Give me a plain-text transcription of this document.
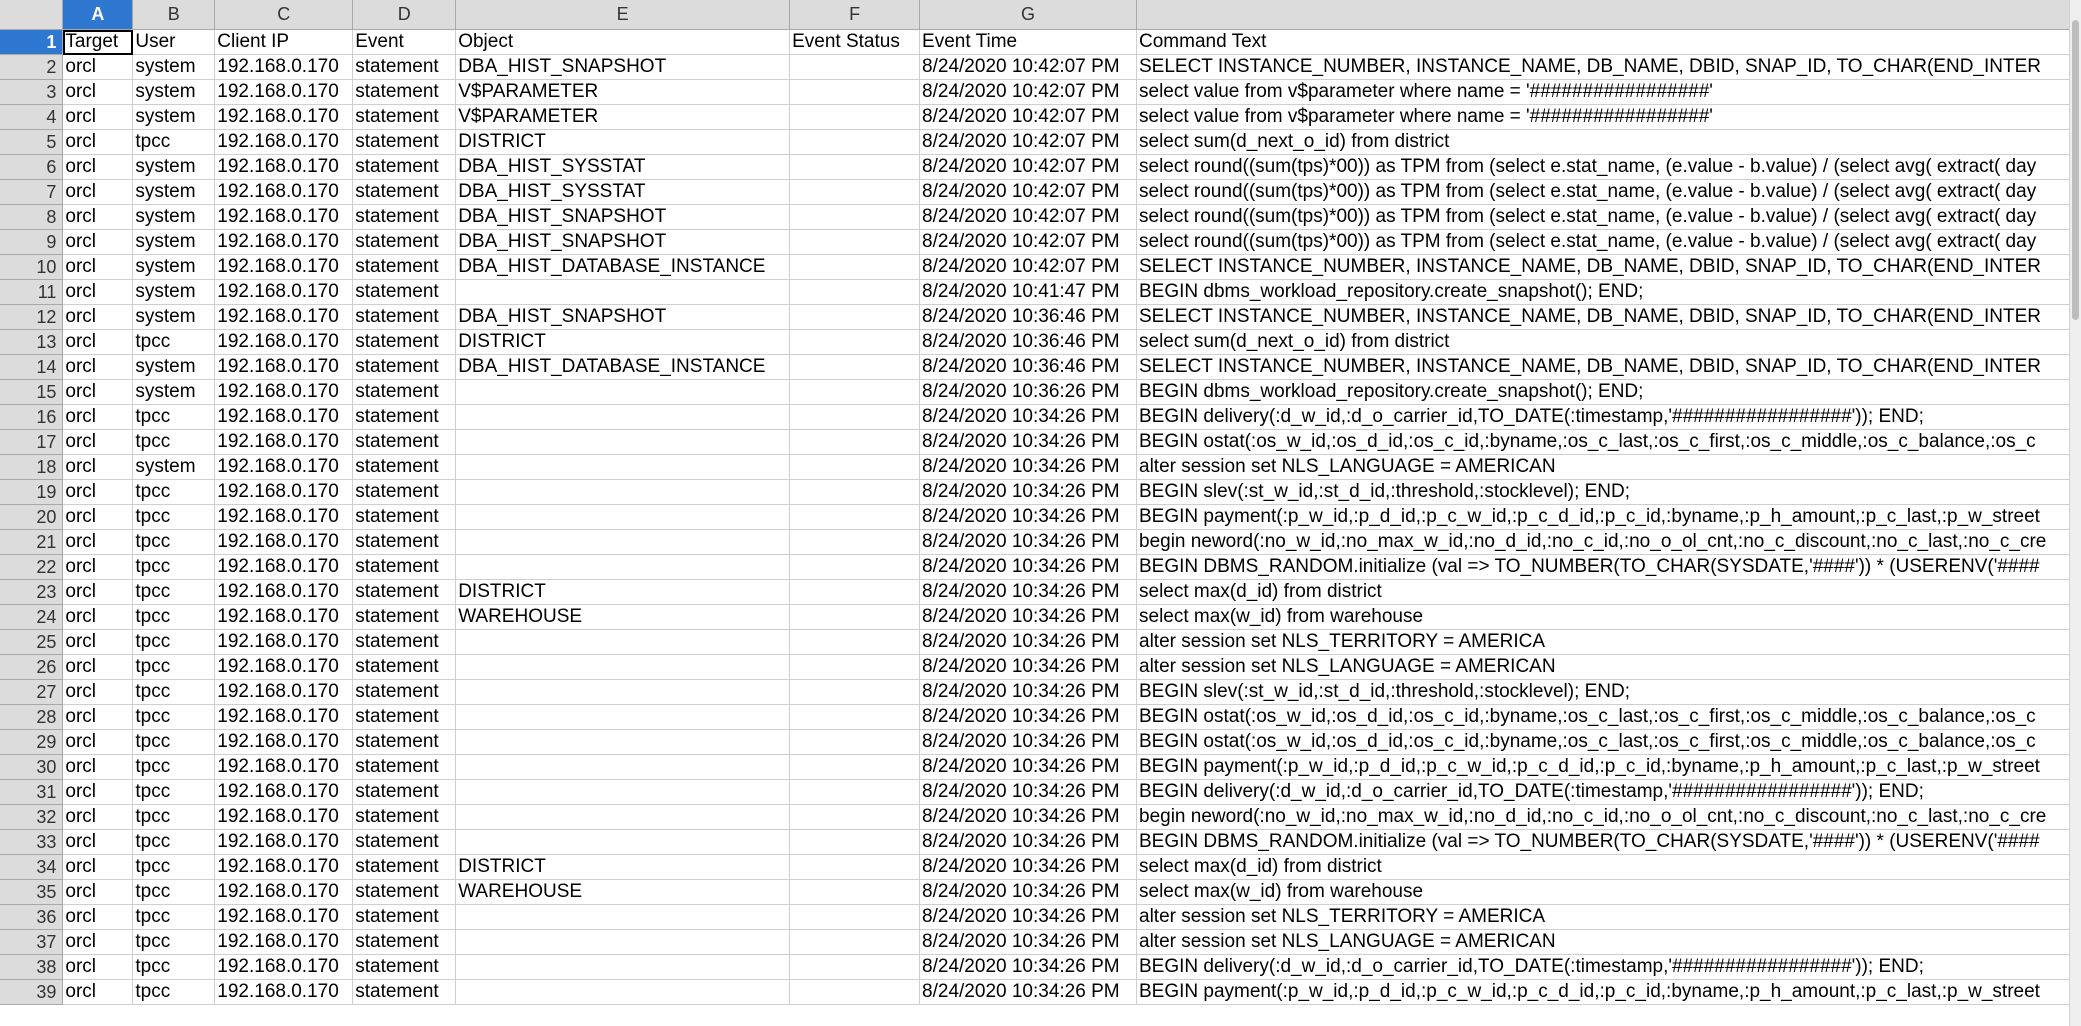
	A	B	C	D	E	F	G	
1	Target	User	Client IP	Event	Object	Event Status	Event Time	Command Text
2	orcl	system	192.168.0.170	statement	DBA_HIST_SNAPSHOT		8/24/2020 10:42:07 PM	SELECT INSTANCE_NUMBER, INSTANCE_NAME, DB_NAME, DBID, SNAP_ID, TO_CHAR(END_INTER
3	orcl	system	192.168.0.170	statement	V$PARAMETER		8/24/2020 10:42:07 PM	select value from v$parameter where name = '#################'
4	orcl	system	192.168.0.170	statement	V$PARAMETER		8/24/2020 10:42:07 PM	select value from v$parameter where name = '#################'
5	orcl	tpcc	192.168.0.170	statement	DISTRICT		8/24/2020 10:42:07 PM	select sum(d_next_o_id) from district
6	orcl	system	192.168.0.170	statement	DBA_HIST_SYSSTAT		8/24/2020 10:42:07 PM	select round((sum(tps)*00)) as TPM from (select e.stat_name, (e.value - b.value) / (select avg( extract( day
7	orcl	system	192.168.0.170	statement	DBA_HIST_SYSSTAT		8/24/2020 10:42:07 PM	select round((sum(tps)*00)) as TPM from (select e.stat_name, (e.value - b.value) / (select avg( extract( day
8	orcl	system	192.168.0.170	statement	DBA_HIST_SNAPSHOT		8/24/2020 10:42:07 PM	select round((sum(tps)*00)) as TPM from (select e.stat_name, (e.value - b.value) / (select avg( extract( day
9	orcl	system	192.168.0.170	statement	DBA_HIST_SNAPSHOT		8/24/2020 10:42:07 PM	select round((sum(tps)*00)) as TPM from (select e.stat_name, (e.value - b.value) / (select avg( extract( day
10	orcl	system	192.168.0.170	statement	DBA_HIST_DATABASE_INSTANCE		8/24/2020 10:42:07 PM	SELECT INSTANCE_NUMBER, INSTANCE_NAME, DB_NAME, DBID, SNAP_ID, TO_CHAR(END_INTER
11	orcl	system	192.168.0.170	statement			8/24/2020 10:41:47 PM	BEGIN dbms_workload_repository.create_snapshot(); END;
12	orcl	system	192.168.0.170	statement	DBA_HIST_SNAPSHOT		8/24/2020 10:36:46 PM	SELECT INSTANCE_NUMBER, INSTANCE_NAME, DB_NAME, DBID, SNAP_ID, TO_CHAR(END_INTER
13	orcl	tpcc	192.168.0.170	statement	DISTRICT		8/24/2020 10:36:46 PM	select sum(d_next_o_id) from district
14	orcl	system	192.168.0.170	statement	DBA_HIST_DATABASE_INSTANCE		8/24/2020 10:36:46 PM	SELECT INSTANCE_NUMBER, INSTANCE_NAME, DB_NAME, DBID, SNAP_ID, TO_CHAR(END_INTER
15	orcl	system	192.168.0.170	statement			8/24/2020 10:36:26 PM	BEGIN dbms_workload_repository.create_snapshot(); END;
16	orcl	tpcc	192.168.0.170	statement			8/24/2020 10:34:26 PM	BEGIN delivery(:d_w_id,:d_o_carrier_id,TO_DATE(:timestamp,'#################')); END;
17	orcl	tpcc	192.168.0.170	statement			8/24/2020 10:34:26 PM	BEGIN ostat(:os_w_id,:os_d_id,:os_c_id,:byname,:os_c_last,:os_c_first,:os_c_middle,:os_c_balance,:os_c
18	orcl	system	192.168.0.170	statement			8/24/2020 10:34:26 PM	alter session set NLS_LANGUAGE = AMERICAN
19	orcl	tpcc	192.168.0.170	statement			8/24/2020 10:34:26 PM	BEGIN slev(:st_w_id,:st_d_id,:threshold,:stocklevel); END;
20	orcl	tpcc	192.168.0.170	statement			8/24/2020 10:34:26 PM	BEGIN payment(:p_w_id,:p_d_id,:p_c_w_id,:p_c_d_id,:p_c_id,:byname,:p_h_amount,:p_c_last,:p_w_street
21	orcl	tpcc	192.168.0.170	statement			8/24/2020 10:34:26 PM	begin neword(:no_w_id,:no_max_w_id,:no_d_id,:no_c_id,:no_o_ol_cnt,:no_c_discount,:no_c_last,:no_c_cre
22	orcl	tpcc	192.168.0.170	statement			8/24/2020 10:34:26 PM	BEGIN DBMS_RANDOM.initialize (val => TO_NUMBER(TO_CHAR(SYSDATE,'####')) * (USERENV('####
23	orcl	tpcc	192.168.0.170	statement	DISTRICT		8/24/2020 10:34:26 PM	select max(d_id) from district
24	orcl	tpcc	192.168.0.170	statement	WAREHOUSE		8/24/2020 10:34:26 PM	select max(w_id) from warehouse
25	orcl	tpcc	192.168.0.170	statement			8/24/2020 10:34:26 PM	alter session set NLS_TERRITORY = AMERICA
26	orcl	tpcc	192.168.0.170	statement			8/24/2020 10:34:26 PM	alter session set NLS_LANGUAGE = AMERICAN
27	orcl	tpcc	192.168.0.170	statement			8/24/2020 10:34:26 PM	BEGIN slev(:st_w_id,:st_d_id,:threshold,:stocklevel); END;
28	orcl	tpcc	192.168.0.170	statement			8/24/2020 10:34:26 PM	BEGIN ostat(:os_w_id,:os_d_id,:os_c_id,:byname,:os_c_last,:os_c_first,:os_c_middle,:os_c_balance,:os_c
29	orcl	tpcc	192.168.0.170	statement			8/24/2020 10:34:26 PM	BEGIN ostat(:os_w_id,:os_d_id,:os_c_id,:byname,:os_c_last,:os_c_first,:os_c_middle,:os_c_balance,:os_c
30	orcl	tpcc	192.168.0.170	statement			8/24/2020 10:34:26 PM	BEGIN payment(:p_w_id,:p_d_id,:p_c_w_id,:p_c_d_id,:p_c_id,:byname,:p_h_amount,:p_c_last,:p_w_street
31	orcl	tpcc	192.168.0.170	statement			8/24/2020 10:34:26 PM	BEGIN delivery(:d_w_id,:d_o_carrier_id,TO_DATE(:timestamp,'#################')); END;
32	orcl	tpcc	192.168.0.170	statement			8/24/2020 10:34:26 PM	begin neword(:no_w_id,:no_max_w_id,:no_d_id,:no_c_id,:no_o_ol_cnt,:no_c_discount,:no_c_last,:no_c_cre
33	orcl	tpcc	192.168.0.170	statement			8/24/2020 10:34:26 PM	BEGIN DBMS_RANDOM.initialize (val => TO_NUMBER(TO_CHAR(SYSDATE,'####')) * (USERENV('####
34	orcl	tpcc	192.168.0.170	statement	DISTRICT		8/24/2020 10:34:26 PM	select max(d_id) from district
35	orcl	tpcc	192.168.0.170	statement	WAREHOUSE		8/24/2020 10:34:26 PM	select max(w_id) from warehouse
36	orcl	tpcc	192.168.0.170	statement			8/24/2020 10:34:26 PM	alter session set NLS_TERRITORY = AMERICA
37	orcl	tpcc	192.168.0.170	statement			8/24/2020 10:34:26 PM	alter session set NLS_LANGUAGE = AMERICAN
38	orcl	tpcc	192.168.0.170	statement			8/24/2020 10:34:26 PM	BEGIN delivery(:d_w_id,:d_o_carrier_id,TO_DATE(:timestamp,'#################')); END;
39	orcl	tpcc	192.168.0.170	statement			8/24/2020 10:34:26 PM	BEGIN payment(:p_w_id,:p_d_id,:p_c_w_id,:p_c_d_id,:p_c_id,:byname,:p_h_amount,:p_c_last,:p_w_street
